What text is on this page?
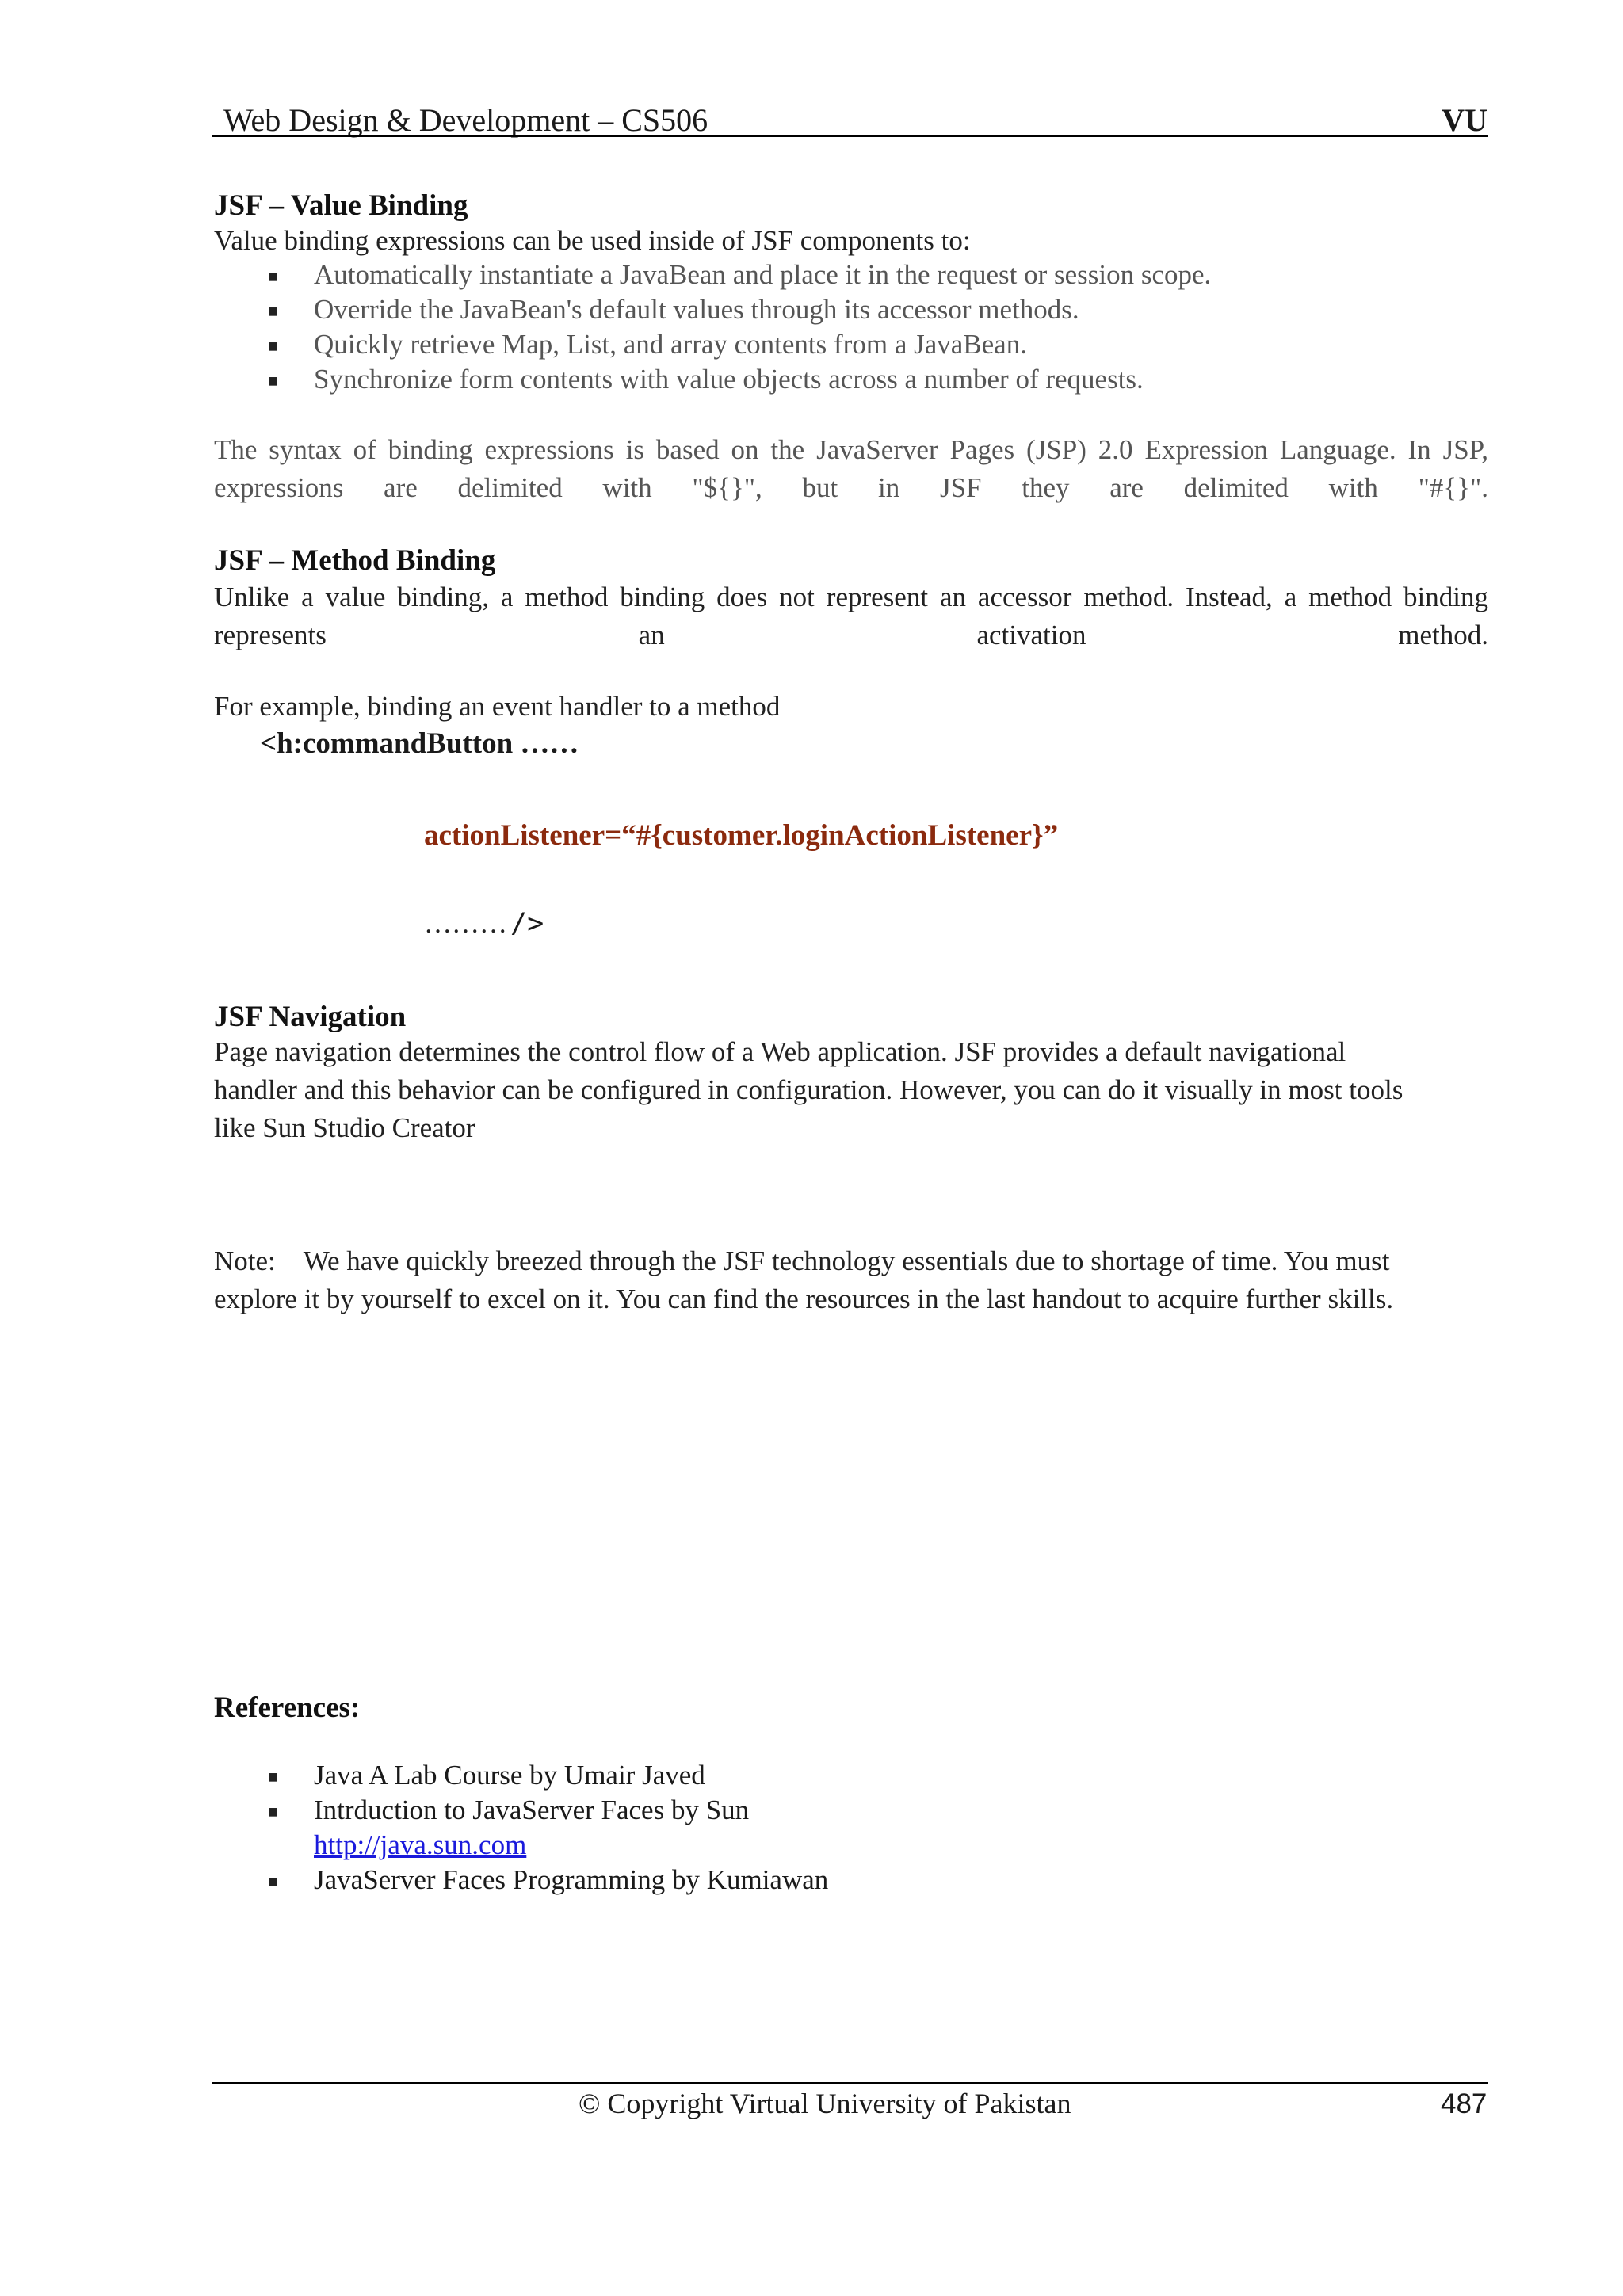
Web Design & Development – CS506	VU
JSF – Value Binding
Value binding expressions can be used inside of JSF components to:
■ Automatically instantiate a JavaBean and place it in the request or session scope.
■ Override the JavaBean's default values through its accessor methods.
■ Quickly retrieve Map, List, and array contents from a JavaBean.
■ Synchronize form contents with value objects across a number of requests.
The syntax of binding expressions is based on the JavaServer Pages (JSP) 2.0 Expression Language. In JSP,
expressions are delimited with "${}", but in JSF they are delimited with "#{}".
JSF – Method Binding
Unlike a value binding, a method binding does not represent an accessor method. Instead, a method binding
represents an activation method.
For example, binding an event handler to a method
<h:commandButton ……
actionListener=“#{customer.loginActionListener}”
……… />
JSF Navigation
Page navigation determines the control flow of a Web application. JSF provides a default navigational
handler and this behavior can be configured in configuration. However, you can do it visually in most tools
like Sun Studio Creator
Note:    We have quickly breezed through the JSF technology essentials due to shortage of time. You must
explore it by yourself to excel on it. You can find the resources in the last handout to acquire further skills.
References:
■ Java A Lab Course by Umair Javed
■ Intrduction to JavaServer Faces by Sun
http://java.sun.com
■ JavaServer Faces Programming by Kumiawan
© Copyright Virtual University of Pakistan	487
